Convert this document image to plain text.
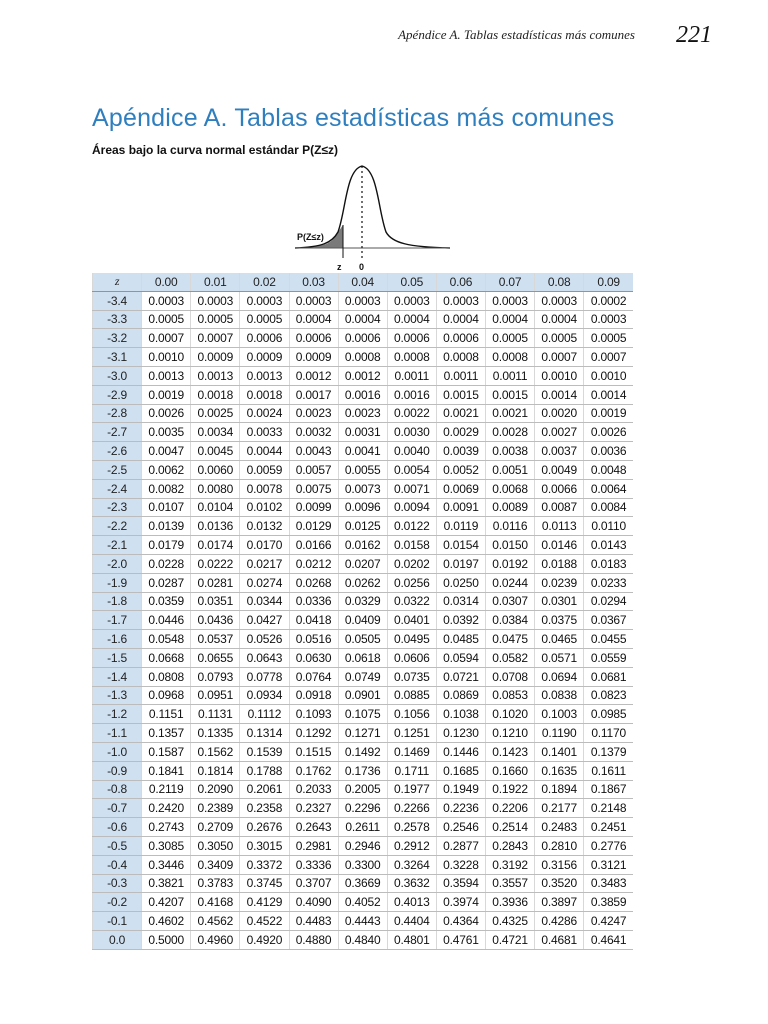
Apéndice A. Tablas estadísticas más comunes	221
Apéndice A. Tablas estadísticas más comunes
Áreas bajo la curva normal estándar P(Z≤z)
P(Z≤z)
z 0
z	0.00	0.01	0.02	0.03	0.04	0.05	0.06	0.07	0.08	0.09
-3.4	0.0003	0.0003	0.0003	0.0003	0.0003	0.0003	0.0003	0.0003	0.0003	0.0002
-3.3	0.0005	0.0005	0.0005	0.0004	0.0004	0.0004	0.0004	0.0004	0.0004	0.0003
-3.2	0.0007	0.0007	0.0006	0.0006	0.0006	0.0006	0.0006	0.0005	0.0005	0.0005
-3.1	0.0010	0.0009	0.0009	0.0009	0.0008	0.0008	0.0008	0.0008	0.0007	0.0007
-3.0	0.0013	0.0013	0.0013	0.0012	0.0012	0.0011	0.0011	0.0011	0.0010	0.0010
-2.9	0.0019	0.0018	0.0018	0.0017	0.0016	0.0016	0.0015	0.0015	0.0014	0.0014
-2.8	0.0026	0.0025	0.0024	0.0023	0.0023	0.0022	0.0021	0.0021	0.0020	0.0019
-2.7	0.0035	0.0034	0.0033	0.0032	0.0031	0.0030	0.0029	0.0028	0.0027	0.0026
-2.6	0.0047	0.0045	0.0044	0.0043	0.0041	0.0040	0.0039	0.0038	0.0037	0.0036
-2.5	0.0062	0.0060	0.0059	0.0057	0.0055	0.0054	0.0052	0.0051	0.0049	0.0048
-2.4	0.0082	0.0080	0.0078	0.0075	0.0073	0.0071	0.0069	0.0068	0.0066	0.0064
-2.3	0.0107	0.0104	0.0102	0.0099	0.0096	0.0094	0.0091	0.0089	0.0087	0.0084
-2.2	0.0139	0.0136	0.0132	0.0129	0.0125	0.0122	0.0119	0.0116	0.0113	0.0110
-2.1	0.0179	0.0174	0.0170	0.0166	0.0162	0.0158	0.0154	0.0150	0.0146	0.0143
-2.0	0.0228	0.0222	0.0217	0.0212	0.0207	0.0202	0.0197	0.0192	0.0188	0.0183
-1.9	0.0287	0.0281	0.0274	0.0268	0.0262	0.0256	0.0250	0.0244	0.0239	0.0233
-1.8	0.0359	0.0351	0.0344	0.0336	0.0329	0.0322	0.0314	0.0307	0.0301	0.0294
-1.7	0.0446	0.0436	0.0427	0.0418	0.0409	0.0401	0.0392	0.0384	0.0375	0.0367
-1.6	0.0548	0.0537	0.0526	0.0516	0.0505	0.0495	0.0485	0.0475	0.0465	0.0455
-1.5	0.0668	0.0655	0.0643	0.0630	0.0618	0.0606	0.0594	0.0582	0.0571	0.0559
-1.4	0.0808	0.0793	0.0778	0.0764	0.0749	0.0735	0.0721	0.0708	0.0694	0.0681
-1.3	0.0968	0.0951	0.0934	0.0918	0.0901	0.0885	0.0869	0.0853	0.0838	0.0823
-1.2	0.1151	0.1131	0.1112	0.1093	0.1075	0.1056	0.1038	0.1020	0.1003	0.0985
-1.1	0.1357	0.1335	0.1314	0.1292	0.1271	0.1251	0.1230	0.1210	0.1190	0.1170
-1.0	0.1587	0.1562	0.1539	0.1515	0.1492	0.1469	0.1446	0.1423	0.1401	0.1379
-0.9	0.1841	0.1814	0.1788	0.1762	0.1736	0.1711	0.1685	0.1660	0.1635	0.1611
-0.8	0.2119	0.2090	0.2061	0.2033	0.2005	0.1977	0.1949	0.1922	0.1894	0.1867
-0.7	0.2420	0.2389	0.2358	0.2327	0.2296	0.2266	0.2236	0.2206	0.2177	0.2148
-0.6	0.2743	0.2709	0.2676	0.2643	0.2611	0.2578	0.2546	0.2514	0.2483	0.2451
-0.5	0.3085	0.3050	0.3015	0.2981	0.2946	0.2912	0.2877	0.2843	0.2810	0.2776
-0.4	0.3446	0.3409	0.3372	0.3336	0.3300	0.3264	0.3228	0.3192	0.3156	0.3121
-0.3	0.3821	0.3783	0.3745	0.3707	0.3669	0.3632	0.3594	0.3557	0.3520	0.3483
-0.2	0.4207	0.4168	0.4129	0.4090	0.4052	0.4013	0.3974	0.3936	0.3897	0.3859
-0.1	0.4602	0.4562	0.4522	0.4483	0.4443	0.4404	0.4364	0.4325	0.4286	0.4247
0.0	0.5000	0.4960	0.4920	0.4880	0.4840	0.4801	0.4761	0.4721	0.4681	0.4641
